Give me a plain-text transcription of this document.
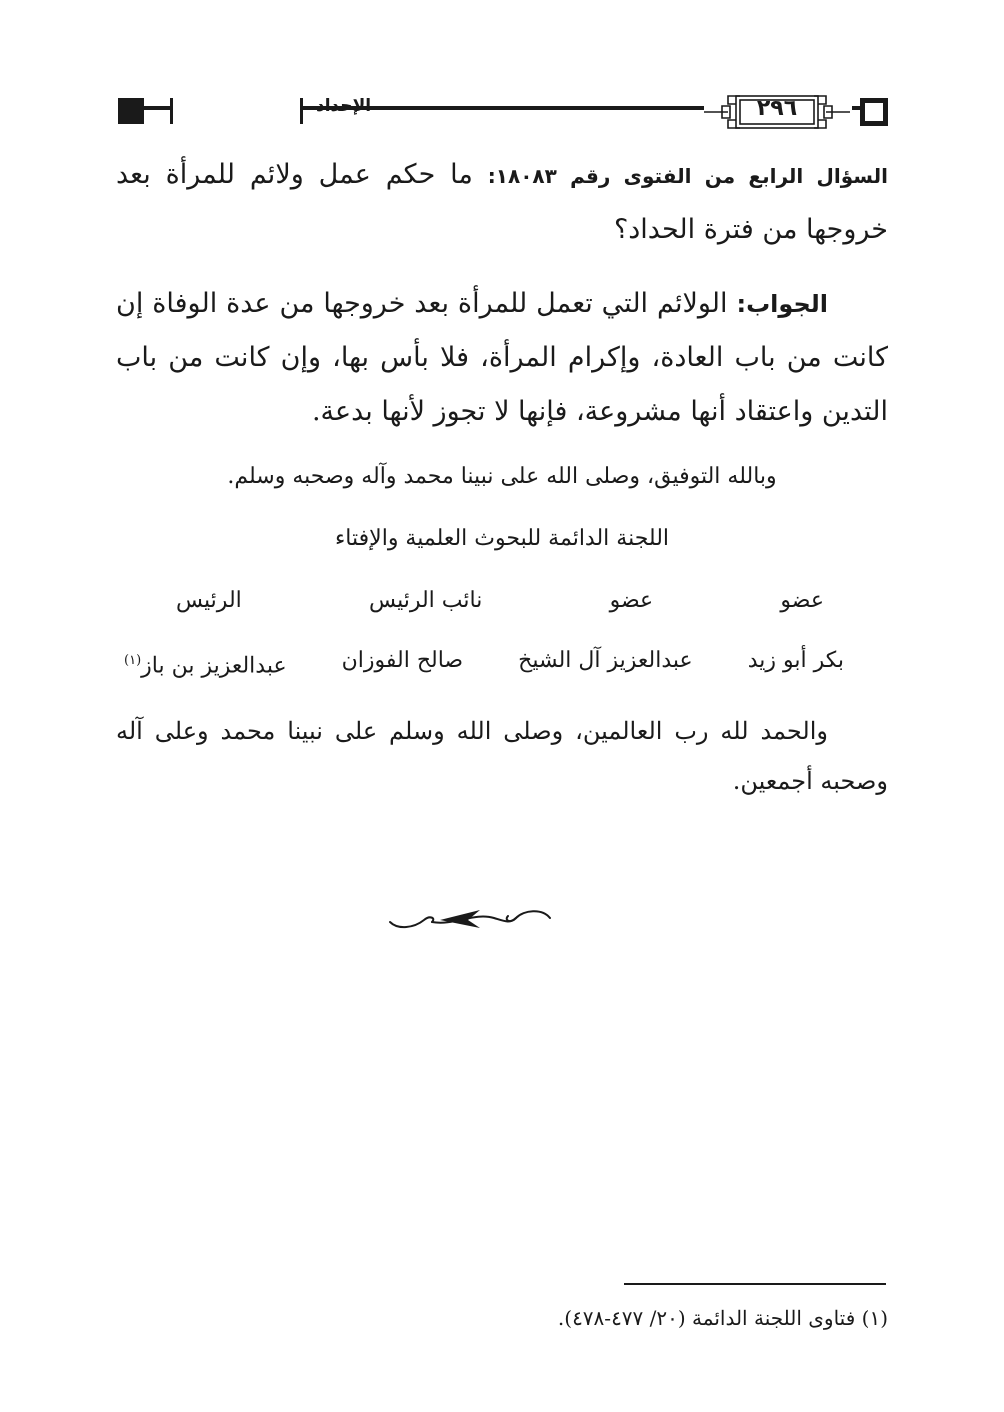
الإحداد	٢٩٦

السؤال الرابع من الفتوى رقم ١٨٠٨٣: ما حكم عمل ولائم للمرأة بعد خروجها من فترة الحداد؟

الجواب: الولائم التي تعمل للمرأة بعد خروجها من عدة الوفاة إن كانت من باب العادة، وإكرام المرأة، فلا بأس بها، وإن كانت من باب التدين واعتقاد أنها مشروعة، فإنها لا تجوز لأنها بدعة.

وبالله التوفيق، وصلى الله على نبينا محمد وآله وصحبه وسلم.

اللجنة الدائمة للبحوث العلمية والإفتاء

الرئيس	نائب الرئيس	عضو	عضو
عبدالعزيز بن باز$^{(١)}$	صالح الفوزان	عبدالعزيز آل الشيخ	بكر أبو زيد

والحمد لله رب العالمين، وصلى الله وسلم على نبينا محمد وعلى آله وصحبه أجمعين.

(١) فتاوى اللجنة الدائمة (٢٠/ ٤٧٧-٤٧٨).
